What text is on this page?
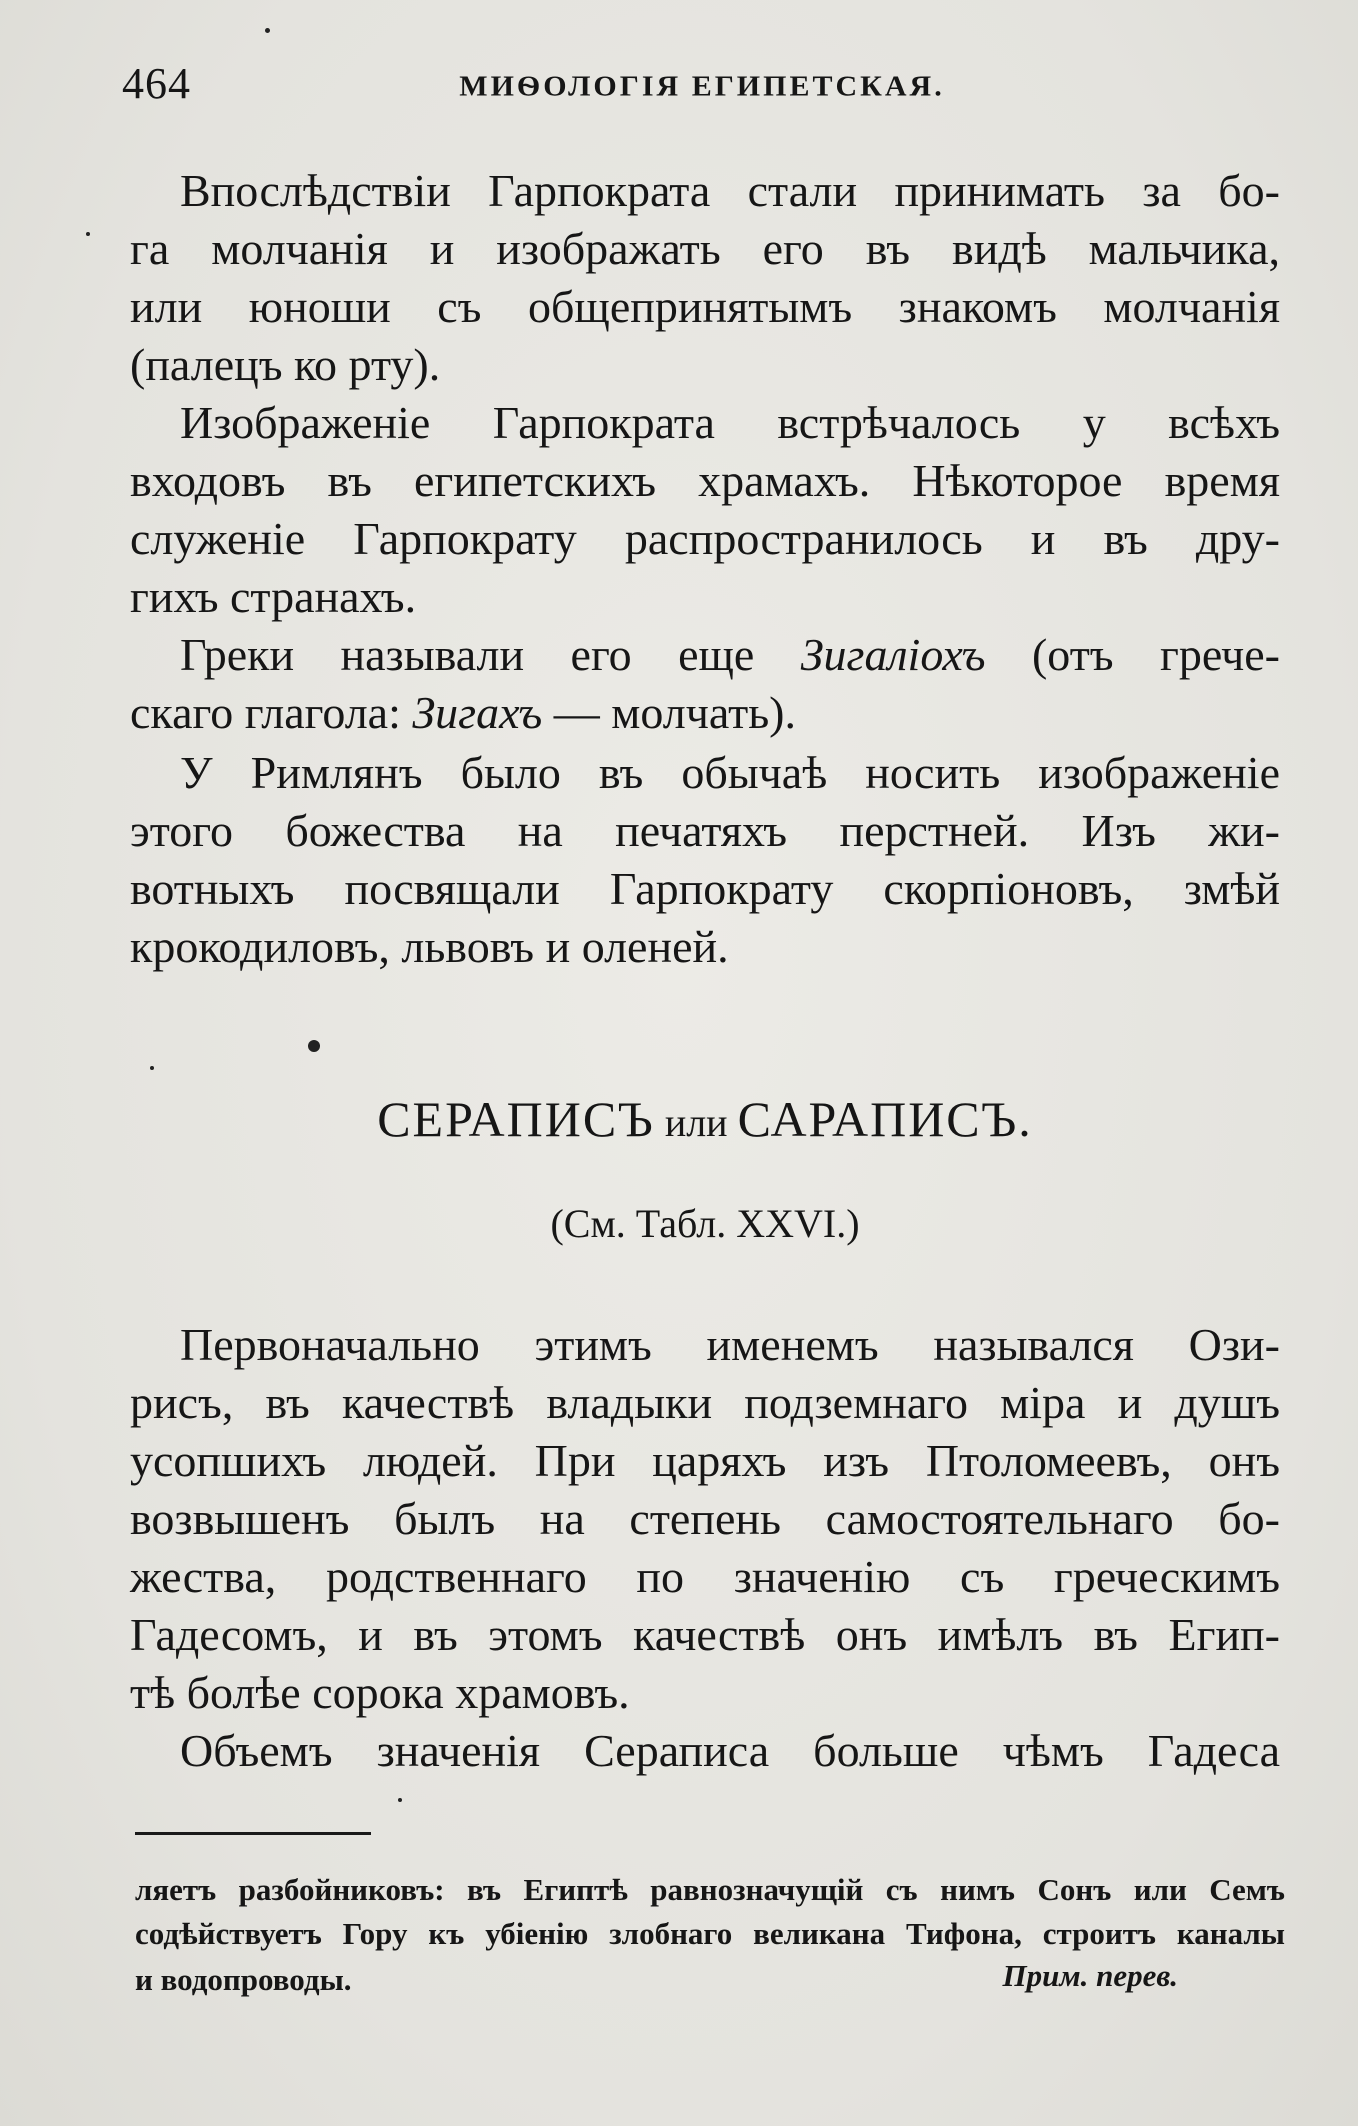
464	МИѲОЛОГІЯ ЕГИПЕТСКАЯ.
Впослѣдствіи Гарпократа стали принимать за бо-
га молчанія и изображать его въ видѣ мальчика,
или юноши съ общепринятымъ знакомъ молчанія
(палецъ ко рту).
Изображеніе Гарпократа встрѣчалось у всѣхъ
входовъ въ египетскихъ храмахъ. Нѣкоторое время
служеніе Гарпократу распространилось и въ дру-
гихъ странахъ.
Греки называли его еще Зигаліохъ (отъ грече-
скаго глагола: Зигахъ — молчать).
У Римлянъ было въ обычаѣ носить изображеніе
этого божества на печатяхъ перстней. Изъ жи-
вотныхъ посвящали Гарпократу скорпіоновъ, змѣй
крокодиловъ, львовъ и оленей.
СЕРАПИСЪ или САРАПИСЪ.
(См. Табл. XXVI.)
Первоначально этимъ именемъ назывался Ози-
рисъ, въ качествѣ владыки подземнаго міра и душъ
усопшихъ людей. При царяхъ изъ Птоломеевъ, онъ
возвышенъ былъ на степень самостоятельнаго бо-
жества, родственнаго по значенію съ греческимъ
Гадесомъ, и въ этомъ качествѣ онъ имѣлъ въ Егип-
тѣ болѣе сорока храмовъ.
Объемъ значенія Сераписа больше чѣмъ Гадеса
ляетъ разбойниковъ: въ Египтѣ равнозначущій съ нимъ Сонъ или Семъ
содѣйствуетъ Гору къ убіенію злобнаго великана Тифона, строитъ каналы
и водопроводы.	Прим. перев.
